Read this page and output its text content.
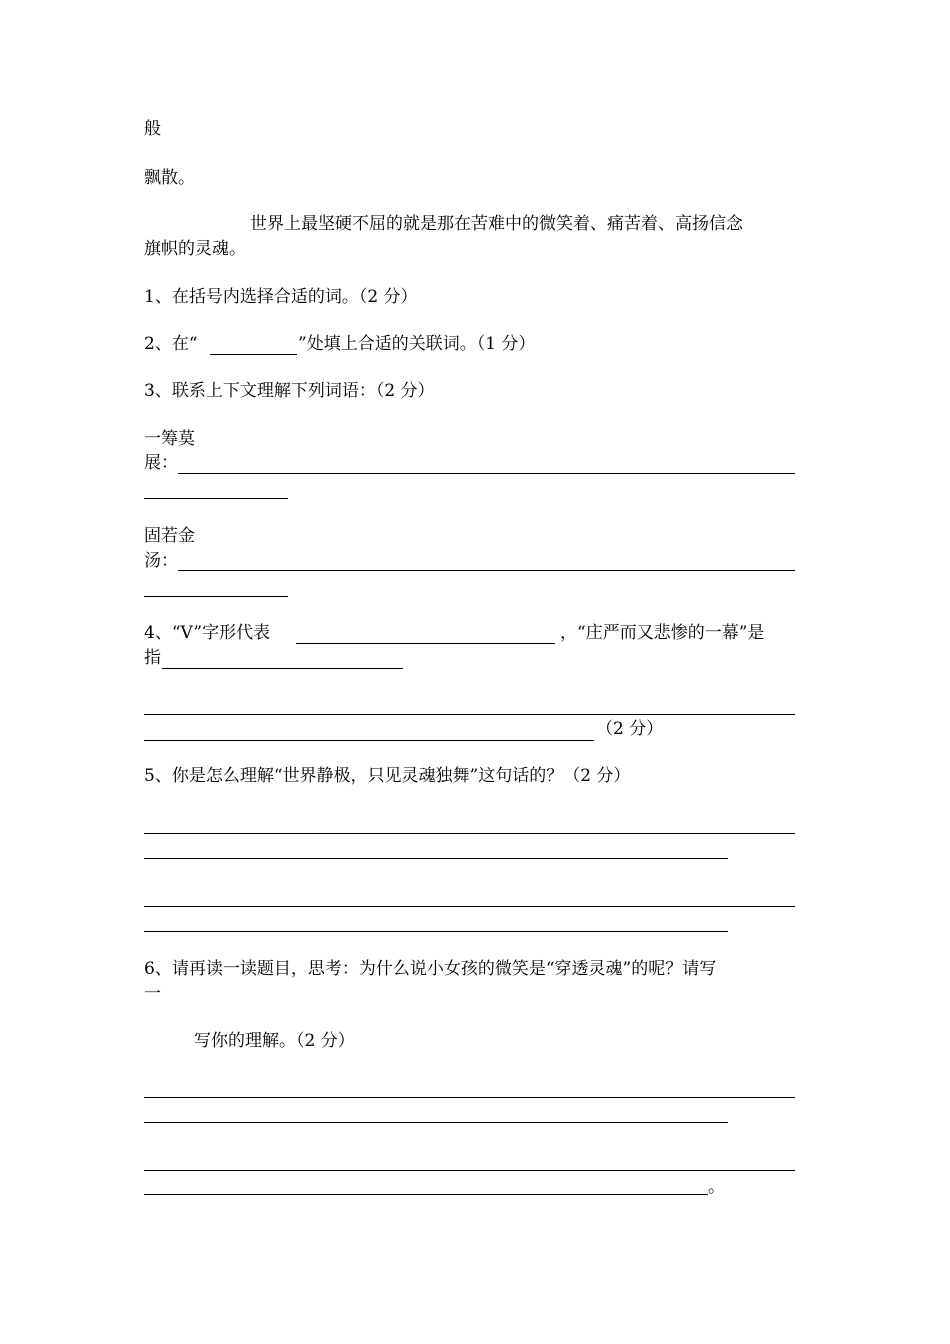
般
飘散。
世界上最坚硬不屈的就是那在苦难中的微笑着、痛苦着、高扬信念
旗帜的灵魂。
1、在括号内选择合适的词。（2 分）
2、在“	”处填上合适的关联词。（1 分）
3、联系上下文理解下列词语：（2 分）
一筹莫
展：
固若金
汤：
4、“V”字形代表	，“庄严而又悲惨的一幕”是
指
（2 分）
5、你是怎么理解“世界静极，只见灵魂独舞”这句话的？（2 分）
6、请再读一读题目，思考：为什么说小女孩的微笑是“穿透灵魂”的呢？请写
一
写你的理解。（2 分）
。
